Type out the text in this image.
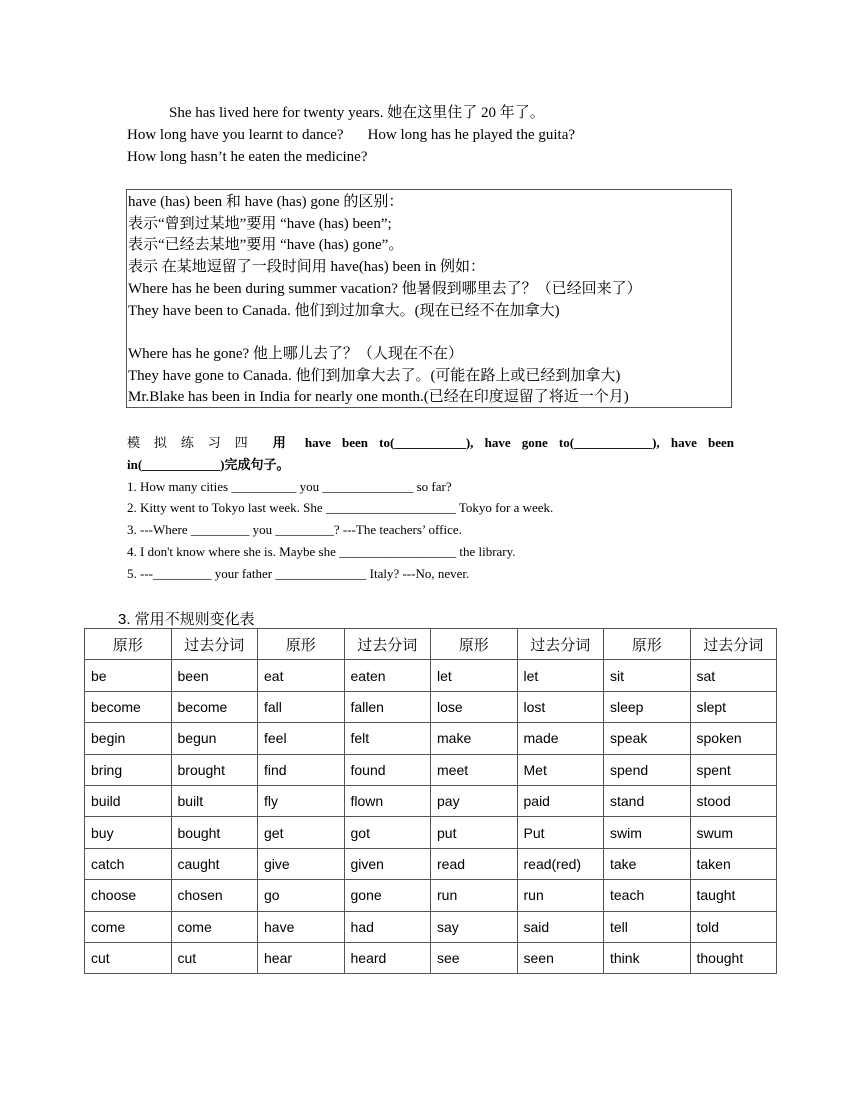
She has lived here for twenty years. 她在这里住了 20 年了。
How long have you learnt to dance? How long has he played the guita?
How long hasn’t he eaten the medicine?
have (has) been 和 have (has) gone 的区别：
表示“曾到过某地”要用 “have (has) been”;
表示“已经去某地”要用 “have (has) gone”。
表示 在某地逗留了一段时间用 have(has) been in 例如：
Where has he been during summer vacation? 他暑假到哪里去了？（已经回来了）
They have been to Canada. 他们到过加拿大。(现在已经不在加拿大)
Where has he gone? 他上哪儿去了？（人现在不在）
They have gone to Canada. 他们到加拿大去了。(可能在路上或已经到加拿大)
Mr.Blake has been in India for nearly one month.(已经在印度逗留了将近一个月)
模拟练习四 用 have been to(___________), have gone to(____________), have been
in(____________)完成句子。
1. How many cities __________ you ______________ so far?
2. Kitty went to Tokyo last week. She ____________________ Tokyo for a week.
3. ---Where _________ you _________? ---The teachers’ office.
4. I don't know where she is. Maybe she __________________ the library.
5. ---_________ your father ______________ Italy? ---No, never.
3. 常用不规则变化表
原形	过去分词	原形	过去分词	原形	过去分词	原形	过去分词
be	been	eat	eaten	let	let	sit	sat
become	become	fall	fallen	lose	lost	sleep	slept
begin	begun	feel	felt	make	made	speak	spoken
bring	brought	find	found	meet	Met	spend	spent
build	built	fly	flown	pay	paid	stand	stood
buy	bought	get	got	put	Put	swim	swum
catch	caught	give	given	read	read(red)	take	taken
choose	chosen	go	gone	run	run	teach	taught
come	come	have	had	say	said	tell	told
cut	cut	hear	heard	see	seen	think	thought
